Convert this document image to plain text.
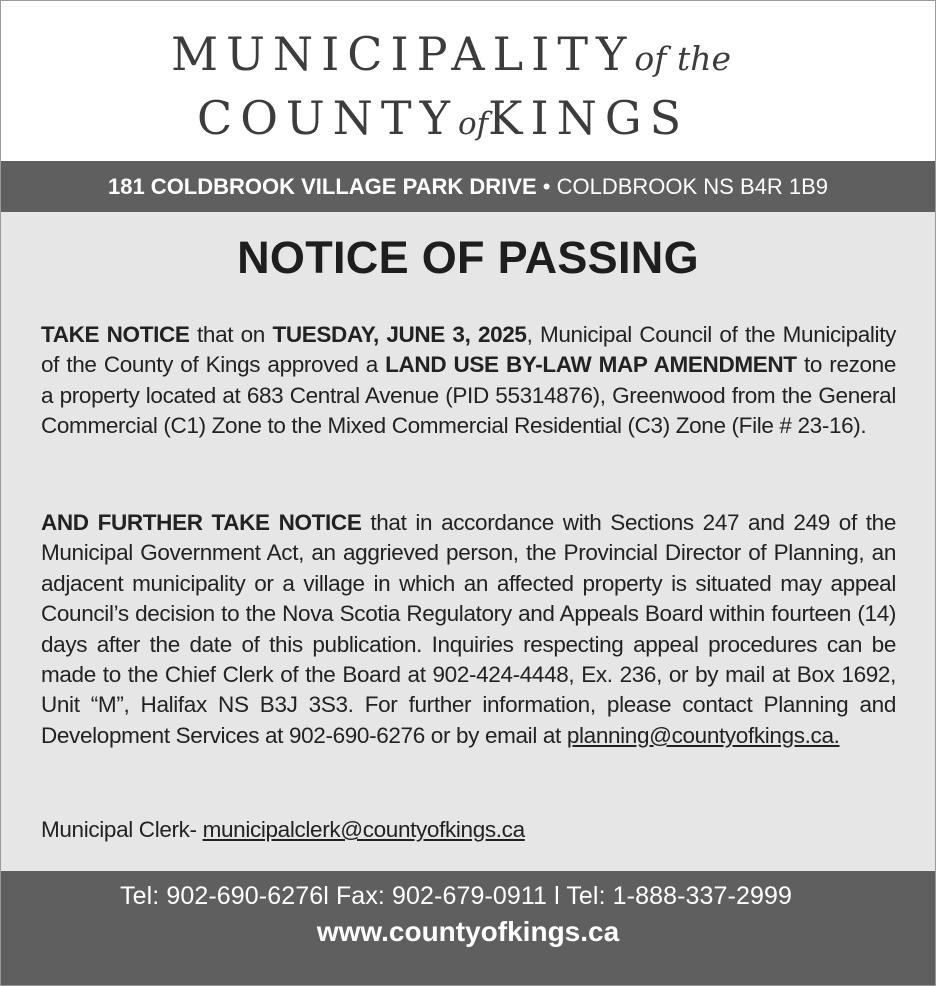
MUNICIPALITYof the
COUNTYofKINGS
181 COLDBROOK VILLAGE PARK DRIVE • COLDBROOK NS B4R 1B9
NOTICE OF PASSING

TAKE NOTICE that on TUESDAY, JUNE 3, 2025, Municipal Council of the Municipality of the County of Kings approved a LAND USE BY-LAW MAP AMENDMENT to rezone a property located at 683 Central Avenue (PID 55314876), Greenwood from the General Commercial (C1) Zone to the Mixed Commercial Residential (C3) Zone (File # 23-16).

AND FURTHER TAKE NOTICE that in accordance with Sections 247 and 249 of the Municipal Government Act, an aggrieved person, the Provincial Director of Planning, an adjacent municipality or a village in which an affected property is situated may appeal Council’s decision to the Nova Scotia Regulatory and Appeals Board within fourteen (14) days after the date of this publication. Inquiries respecting appeal procedures can be made to the Chief Clerk of the Board at 902-424-4448, Ex. 236, or by mail at Box 1692, Unit “M”, Halifax NS B3J 3S3. For further information, please contact Planning and Development Services at 902-690-6276 or by email at planning@countyofkings.ca.

Municipal Clerk- municipalclerk@countyofkings.ca
Tel: 902-690-6276l Fax: 902-679-0911 l Tel: 1-888-337-2999
www.countyofkings.ca
